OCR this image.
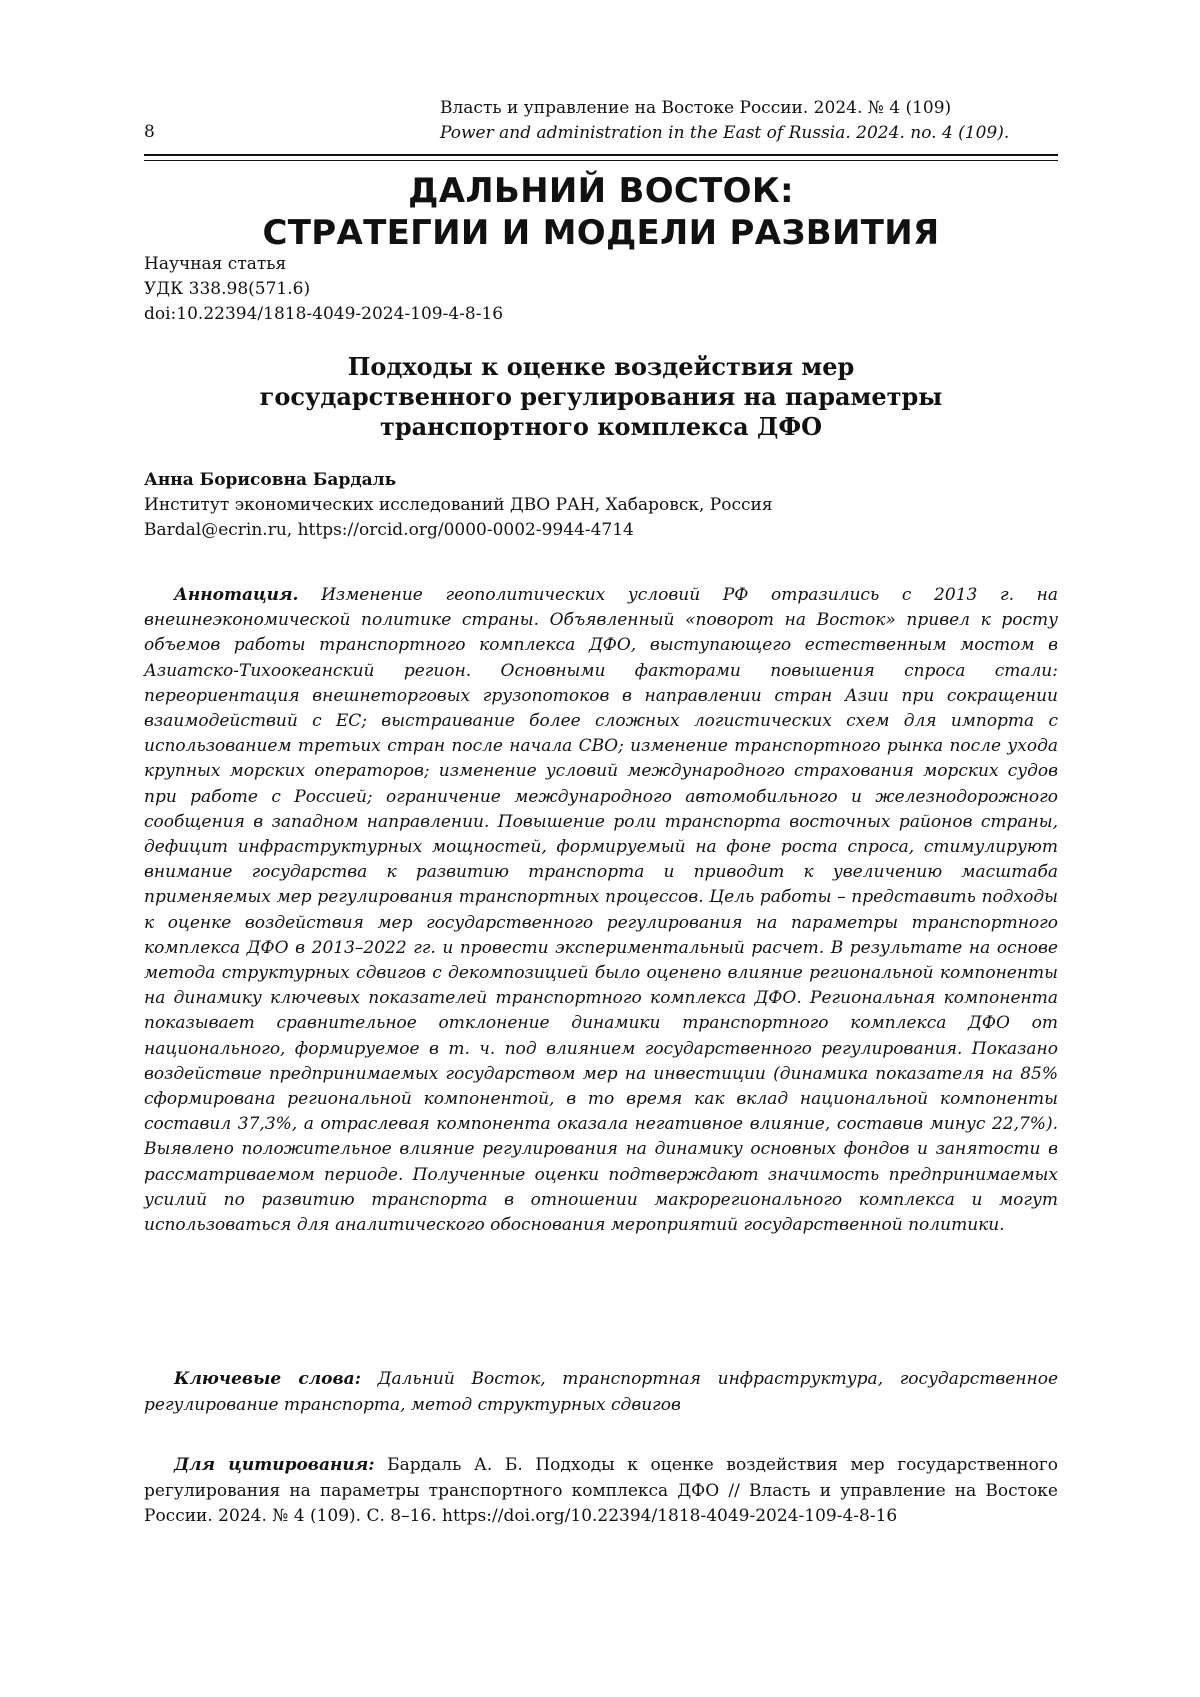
8
Власть и управление на Востоке России. 2024. № 4 (109)
Power and administration in the East of Russia. 2024. no. 4 (109).
ДАЛЬНИЙ ВОСТОК:
СТРАТЕГИИ И МОДЕЛИ РАЗВИТИЯ
Научная статья
УДК 338.98(571.6)
doi:10.22394/1818-4049-2024-109-4-8-16
Подходы к оценке воздействия мер
государственного регулирования на параметры
транспортного комплекса ДФО
Анна Борисовна Бардаль
Институт экономических исследований ДВО РАН, Хабаровск, Россия
Bardal@ecrin.ru, https://orcid.org/0000-0002-9944-4714

Аннотация. Изменение геополитических условий РФ отразились с 2013 г. на внешнеэкономической политике страны. Объявленный «поворот на Восток» привел к росту объемов работы транспортного комплекса ДФО, выступающего естественным мостом в Азиатско-Тихоокеанский регион. Основными факторами повышения спроса стали: переориентация внешнеторговых грузопотоков в направлении стран Азии при сокращении взаимодействий с ЕС; выстраивание более сложных логистических схем для импорта с использованием третьих стран после начала СВО; изменение транспортного рынка после ухода крупных морских операторов; изменение условий международного страхования морских судов при работе с Россией; ограничение международного автомобильного и железнодорожного сообщения в западном направлении. Повышение роли транспорта восточных районов страны, дефицит инфраструктурных мощностей, формируемый на фоне роста спроса, стимулируют внимание государства к развитию транспорта и приводит к увеличению масштаба применяемых мер регулирования транспортных процессов. Цель работы – представить подходы к оценке воздействия мер государственного регулирования на параметры транспортного комплекса ДФО в 2013–2022 гг. и провести экспериментальный расчет. В результате на основе метода структурных сдвигов с декомпозицией было оценено влияние региональной компоненты на динамику ключевых показателей транспортного комплекса ДФО. Региональная компонента показывает сравнительное отклонение динамики транспортного комплекса ДФО от национального, формируемое в т. ч. под влиянием государственного регулирования. Показано воздействие предпринимаемых государством мер на инвестиции (динамика показателя на 85% сформирована региональной компонентой, в то время как вклад национальной компоненты составил 37,3%, а отраслевая компонента оказала негативное влияние, составив минус 22,7%). Выявлено положительное влияние регулирования на динамику основных фондов и занятости в рассматриваемом периоде. Полученные оценки подтверждают значимость предпринимаемых усилий по развитию транспорта в отношении макрорегионального комплекса и могут использоваться для аналитического обоснования мероприятий государственной политики.

Ключевые слова: Дальний Восток, транспортная инфраструктура, государственное регулирование транспорта, метод структурных сдвигов

Для цитирования: Бардаль А. Б. Подходы к оценке воздействия мер государственного регулирования на параметры транспортного комплекса ДФО // Власть и управление на Востоке России. 2024. № 4 (109). С. 8–16. https://doi.org/10.22394/1818-4049-2024-109-4-8-16
